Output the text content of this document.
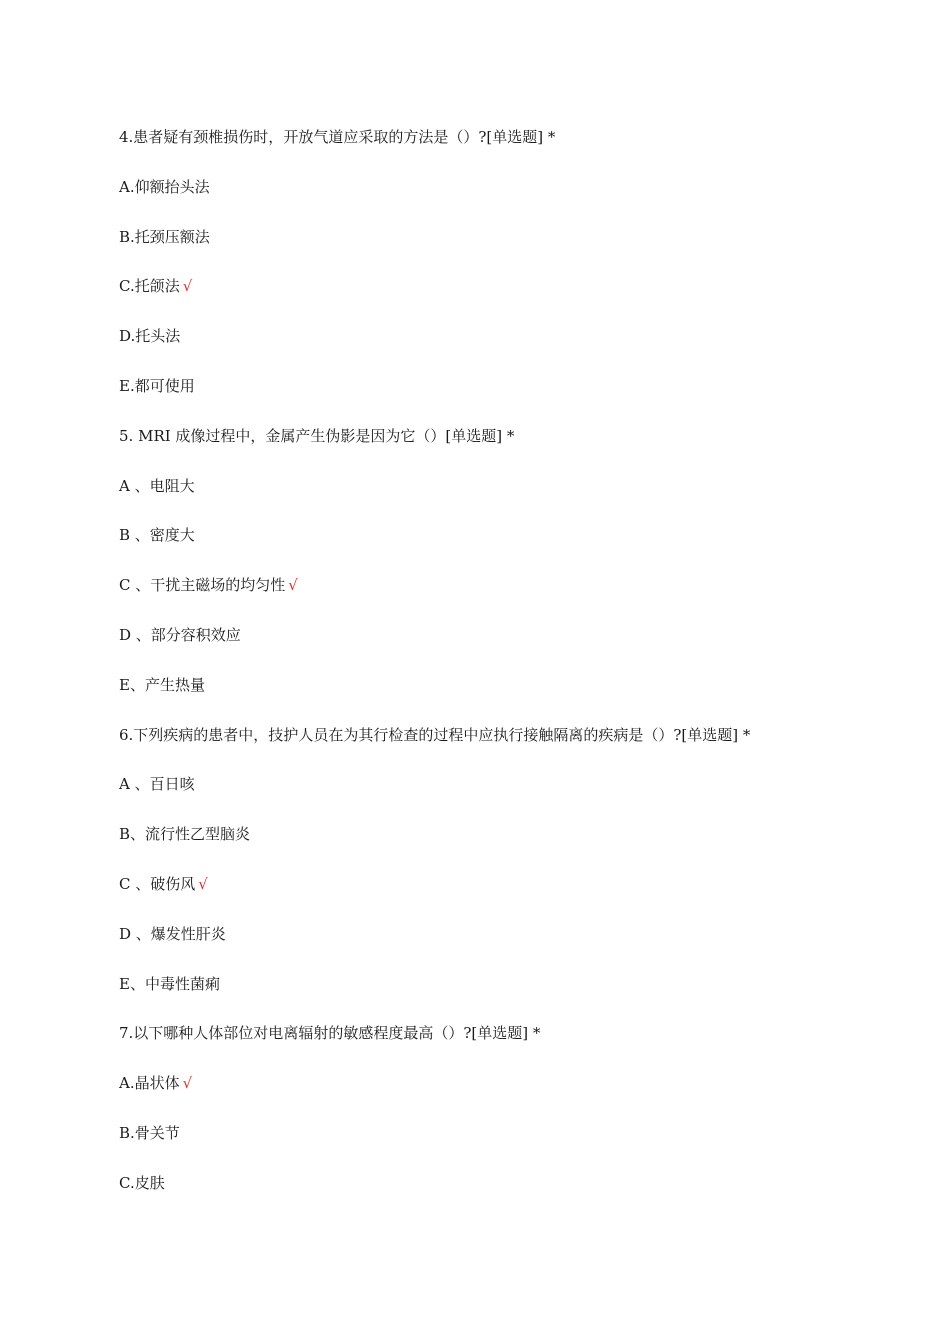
4.患者疑有颈椎损伤时，开放气道应采取的方法是（）?[单选题] *
A.仰额抬头法
B.托颈压额法
C.托颌法 √
D.托头法
E.都可使用
5. MRI 成像过程中，金属产生伪影是因为它（）[单选题] *
A 、电阻大
B 、密度大
C 、干扰主磁场的均匀性 √
D 、部分容积效应
E、产生热量
6.下列疾病的患者中，技护人员在为其行检查的过程中应执行接触隔离的疾病是（）?[单选题] *
A 、百日咳
B、流行性乙型脑炎
C 、破伤风 √
D 、爆发性肝炎
E、中毒性菌痢
7.以下哪种人体部位对电离辐射的敏感程度最高（）?[单选题] *
A.晶状体 √
B.骨关节
C.皮肤
